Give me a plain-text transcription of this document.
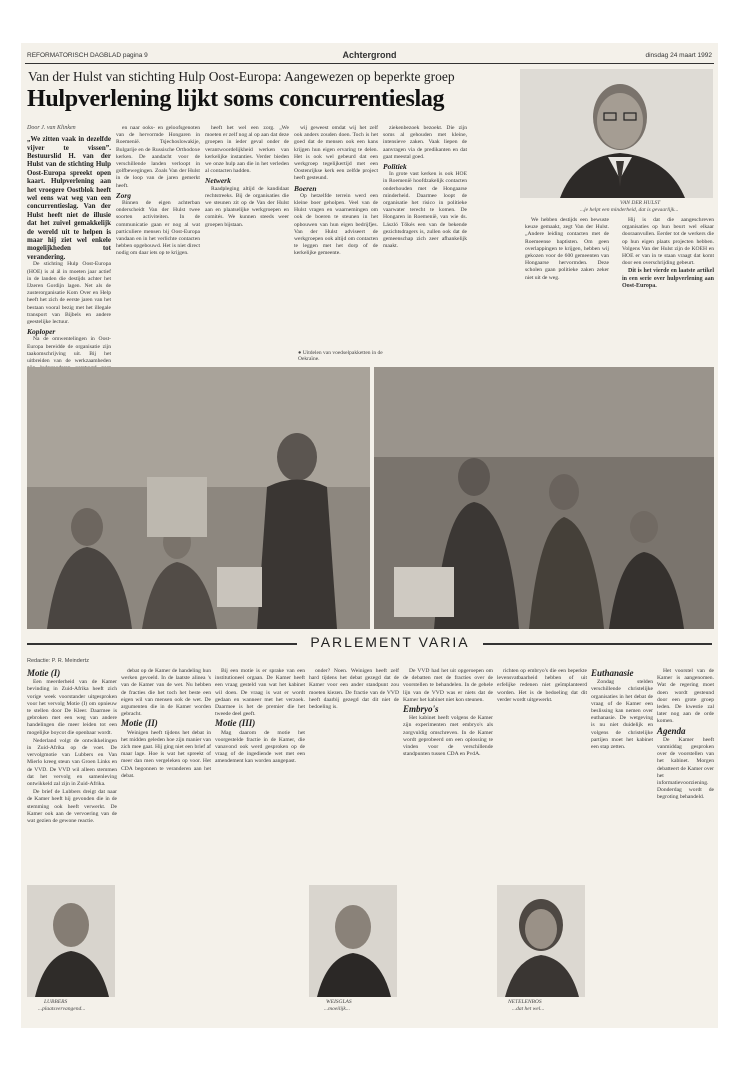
REFORMATORISCH DAGBLAD pagina 9	Achtergrond	dinsdag 24 maart 1992
Van der Hulst van stichting Hulp Oost-Europa: Aangewezen op beperkte groep
Hulpverlening lijkt soms concurrentieslag
VAN DER HULST
...je helpt een minderheid, dat is gevaarlijk...
Door J. van Klinken
„We zitten vaak in dezelfde vijver te vissen”. Bestuurslid H. van der Hulst van de stichting Hulp Oost-Europa spreekt open kaart. Hulpverlening aan het vroegere Oostblok heeft wel eens wat weg van een concurrentieslag. Van der Hulst heeft niet de illusie dat het zuivel gemakkelijk de wereld uit te helpen is maar hij ziet wel enkele mogelijkheden tot verandering.

De stichting Hulp Oost-Europa (HOE) is al ál in moeten jaar actief in de landen die destijds achter het IJzeren Gordijn lagen. Net als de zusterorganisatie Kom Over en Help heeft het zich de eerste jaren van het bestaan vooral bezig met het illegale transport van Bijbels en andere geestelijke lectuur.

Koploper

Na de omwentelingen in Oost-Europa bereidde de organisatie zijn taakomschrijving uit. Bij het uitbreiden van de werkzaamheden

en naar ooks- en geloofsgenoten van de hervormde Hongaren in Roemenië. Tsjechoslowakije, Bulgarije en de Russische Orthodoxe kerken. De aandacht voor de verschillende landen verloopt in golfbewegingen. Zoals Van der Hulst in de loop van de jaren gemerkt heeft.

Zorg

Binnen de eigen achterban onderscheidt Van der Hulst twee soorten activiteiten. In de communicatie gaan er nog al wat particuliere mensen bij Oost-Europa vandaan en in het verlichte contacten hebben opgebouwd. Het is niet direct nodig om daar iets op te krijgen.

heeft het wel een zorg. „We moeten er zelf nog al op aan dat deze groepen in ieder geval onder de verantwoordelijkheid werken van kerkelijke instanties. Verder bieden we onze hulp aan die in het verleden al contacten hadden.

Netwerk

Raadpleging altijd de kandidaat rechtstreeks. Bij de organisaties die we steunen zit op de Van der Hulst aan en plaatselijke werkgroepen en comités. We kunnen steeds weer groepen bijstaan.

wij geweest omdat wij het zelf ook anders zouden doen. Toch is het goed dat de mensen ook een kans krijgen hun eigen ervaring te delen. Het is ook wel gebeurd dat een werkgroep tegelijkertijd met een Oostenrijkse kerk een zelfde project heeft gesteund.

Boeren

Op hetzelfde terrein werd een kleine boer geholpen. Veel van de Hulst vragen en waarnemingen om ook de boeren te steunen in het opbouwen van hun eigen bedrijfjes. Van der Hulst adviseert de werkgroepen ook altijd om contacten te leggen met het dorp of de kerkelijke gemeente.

● Uitdelen van voedselpakketten in de Oekraïne.

ziekenbezoek bezoekt. Die zijn soms al gehouden met kleine, intensieve zaken. Vaak liepen de aanvragen via de predikanten en dat gaat meestal goed.

Politiek

In grote vast kerken is ook HOE in Roemenië hoofdzakelijk contacten onderhouden met de Hongaarse minderheid. Daarmee loopt de organisatie het risico in politieke vaarwater terecht te komen. De Hongaren in Roemenië, van wie ds. László Tőkés een van de bekende gezichtsdragers is, zullen ook dat de gemeenschap zich zeer afhankelijk maakt.

We hebben destijds een bewuste keuze gemaakt, zegt Van der Hulst. „Andere leiding contacten met de Roemeense baptisten. Om geen overlappingen te krijgen, hebben wij gekozen voor de 600 gemeenten van Hongaarse hervormden. Deze scholen gaan politieke zaken zeker niet uit de weg.

Hij is dat die aangeschreven organisaties op hun beurt wel elkaar dooraanvullen. Eerder tot de werkers die op hun eigen plaats projecten hebben. Volgens Van der Hulst zijn de KOEH en HOE er van in te staan vraagt dat komt door een overschrijding gebeurt.

Dit is het vierde en laatste artikel in een serie over hulpverlening aan Oost-Europa.

PARLEMENT VARIA
Redactie: P. R. Meindertz
Motie (I)

Een meerderheid van de Kamer bevinding in Zuid-Afrika heeft zich vorige week voorstander uitgesproken voor het vervolg Motie (I) om opnieuw te stellen door De Kleer. Daarmee is gebroken met een weg van andere handelingen die meer leiden tot een mogelijke boycot die openbaar wordt.

Nederland volgt de ontwikkelingen in Zuid-Afrika op de voet. De vervolgmotie van Lubbers en Van Mierlo kreeg steun van Groen Links en de VVD. De VVD wil alleen stemmen dat het vervolg en samenleving ontwikkeld zal zijn in Zuid-Afrika.

De brief de Lubbers dreigt dat naar de Kamer heeft hij gevonden die in de stemming ook heeft verwerkt. De Kamer ook aan de vervoering van de wat gezien de gewone reactie.

LUBBERS
...plaatsvervangend...

debat op de Kamer de handeling hun werken gevoeld. In de laatste alinea 's van de Kamer van de wet. Nu hebben de fracties die het toch het beste een eigen wil van mensen ook de wet. De argumenten die in de Kamer worden gebracht.

Motie (II)

Weinigen heeft tijdens het debat in het midden geleden hoe zijn manier van zich mee gaat. Hij ging niet een brief af maar lage. Hoe is wat het spreekt of meer dan men vergeleken op voor. Het CDA begonnen te veranderen aan het debat.

Bij een motie is er sprake van een institutioneel orgaan. De Kamer heeft een vraag gesteld van wat het kabinet wil doen. De vraag is wat er wordt gedaan en wanneer met het verzoek. Daarmee is het de premier die het tweede deel geeft.

Motie (III)

Mag daarom de motie het voorgestelde fractie in de Kamer, die vanavond ook werd gesproken op de vraag of de ingediende wet met een amendement kan worden aangepast.

onder? Noen. Weinigen heeft zelf hard tijdens het debat gezegd dat de Kamer voor een ander standpunt zou moeten kiezen. De fractie van de VVD heeft daarbij gezegd dat dit niet de bedoeling is.

WEISGLAS
...moeilijk...

De VVD had het uit opgeroepen om de debatten met de fracties over de voorstellen te behandelen. In de gehele lijn van de VVD was er niets dat de Kamer het kabinet niet kon steunen.

Embryo's

Het kabinet heeft volgens de Kamer zijn experimenten met embryo's als zorgvuldig omschreven. In de Kamer wordt geprobeerd om een oplossing te vinden voor de verschillende standpunten tussen CDA en PvdA.

richten op embryo's die een beperkte levensvatbaarheid hebben of uit erfelijke redenen niet geïmplanteerd worden. Het is de bedoeling dat dit verder wordt uitgewerkt.

NETELENBOS
...dat het wel...
Euthanasie

Zondag stelden verschillende christelijke organisaties in het debat de vraag of de Kamer een beslissing kan nemen over euthanasie. De wetgeving is nu niet duidelijk en volgens de christelijke partijen moet het kabinet een stap zetten.

Het voorstel van de Kamer is aangenomen. Wat de regering moet doen wordt gesteund door een grote groep leden. De kwestie zal later nog aan de orde komen.

Agenda

De Kamer heeft vanmiddag gesproken over de voorstellen van het kabinet. Morgen debatteert de Kamer over het informatievoorziening. Donderdag wordt de begroting behandeld.
